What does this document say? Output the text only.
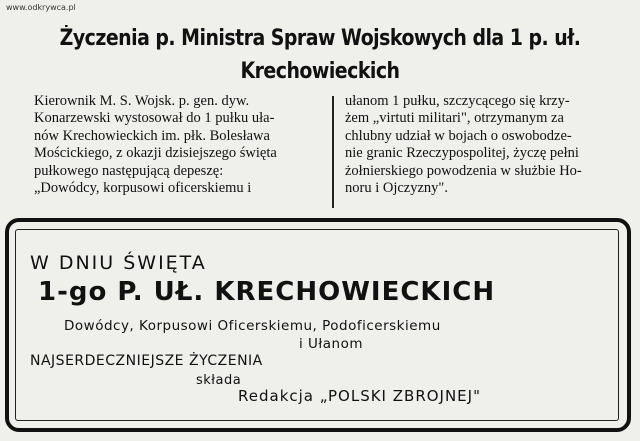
www.odkrywca.pl
Życzenia p. Ministra Spraw Wojskowych dla 1 p. uł.
Krechowieckich

Kierownik M. S. Wojsk. p. gen. dyw.

Konarzewski wystosował do 1 pułku uła-

nów Krechowieckich im. płk. Bolesława

Mościckiego, z okazji dzisiejszego święta

pułkowego następującą depeszę:

„Dowódcy, korpusowi oficerskiemu i

ułanom 1 pułku, szczycącego się krzy-

żem „virtuti militari", otrzymanym za

chlubny udział w bojach o oswobodze-

nie granic Rzeczypospolitej, życzę pełni

żołnierskiego powodzenia w służbie Ho-

noru i Ojczyzny".

W DNIU ŚWIĘTA
1-go P. UŁ. KRECHOWIECKICH
Dowódcy, Korpusowi Oficerskiemu, Podoficerskiemu
i Ułanom
NAJSERDECZNIEJSZE ŻYCZENIA
składa
Redakcja „POLSKI ZBROJNEJ"
